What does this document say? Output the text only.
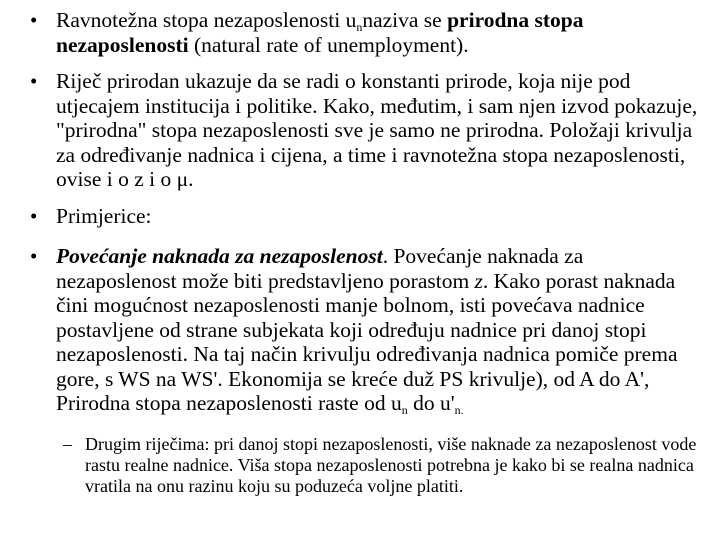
• Ravnotežna stopa nezaposlenosti $u_nnaziva$ se prirodna stopa nezaposlenosti (natural rate of unemployment).
• Riječ prirodan ukazuje da se radi o konstanti prirode, koja nije pod utjecajem institucija i politike. Kako, međutim, i sam njen izvod pokazuje, "prirodna" stopa nezaposlenosti sve je samo ne prirodna. Položaji krivulja za određivanje nadnica i cijena, a time i ravnotežna stopa nezaposlenosti, ovise i o z i o μ.
• Primjerice:
• Povećanje naknada za nezaposlenost. Povećanje naknada za nezaposlenost može biti predstavljeno porastom z. Kako porast naknada čini mogućnost nezaposlenosti manje bolnom, isti povećava nadnice postavljene od strane subjekata koji određuju nadnice pri danoj stopi nezaposlenosti. Na taj način krivulju određivanja nadnica pomiče prema gore, s WS na WS'. Ekonomija se kreće duž PS krivulje), od A do A', Prirodna stopa nezaposlenosti raste od $u_n$ do $u'_{n.}$
– Drugim riječima: pri danoj stopi nezaposlenosti, više naknade za nezaposlenost vode rastu realne nadnice. Viša stopa nezaposlenosti potrebna je kako bi se realna nadnica vratila na onu razinu koju su poduzeća voljne platiti.
